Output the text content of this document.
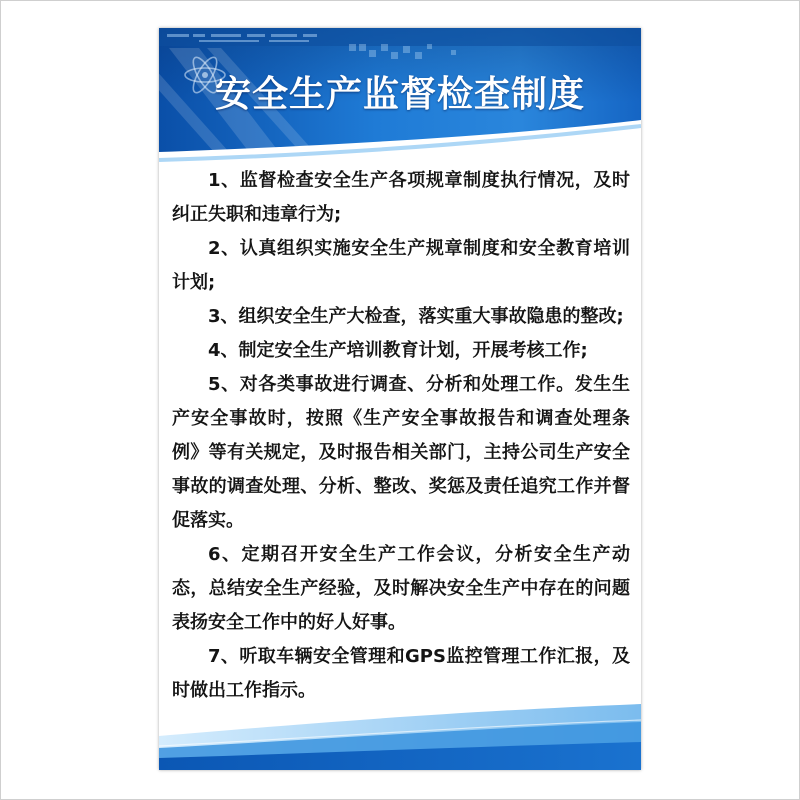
安全生产监督检查制度
1、监督检查安全生产各项规章制度执行情况，及时
纠正失职和违章行为;
2、认真组织实施安全生产规章制度和安全教育培训
计划;
3、组织安全生产大检查，落实重大事故隐患的整改;
4、制定安全生产培训教育计划，开展考核工作;
5、对各类事故进行调查、分析和处理工作。发生生
产安全事故时，按照《生产安全事故报告和调查处理条
例》等有关规定，及时报告相关部门，主持公司生产安全
事故的调查处理、分析、整改、奖惩及责任追究工作并督
促落实。
6、定期召开安全生产工作会议，分析安全生产动
态，总结安全生产经验，及时解决安全生产中存在的问题
表扬安全工作中的好人好事。
7、听取车辆安全管理和GPS监控管理工作汇报，及
时做出工作指示。
